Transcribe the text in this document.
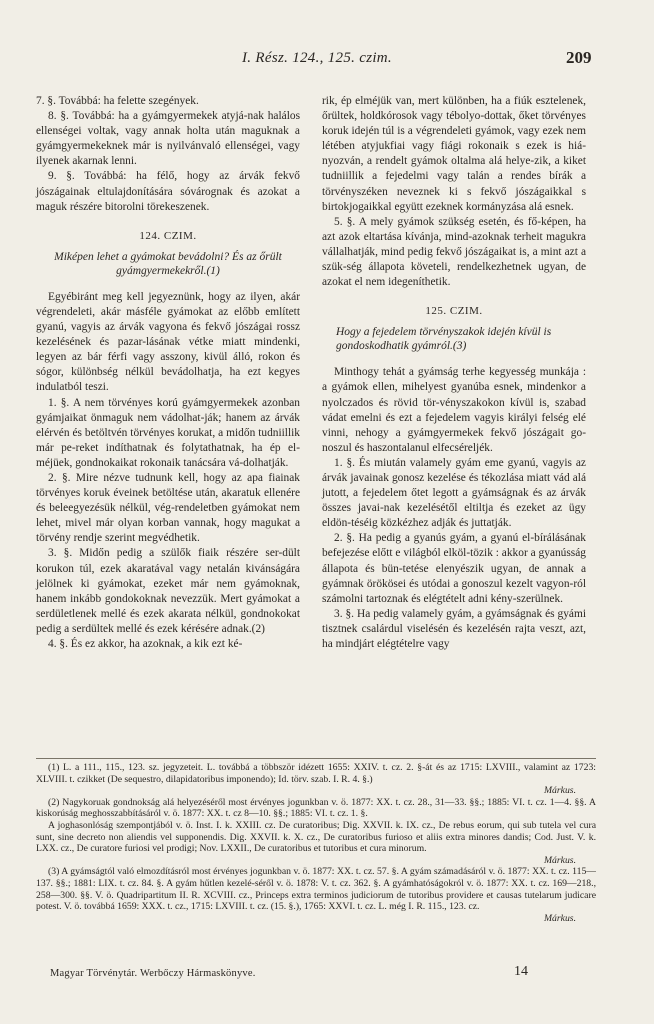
I. Rész. 124., 125. czim.	209

7. §. Továbbá: ha felette szegények.

8. §. Továbbá: ha a gyámgyermekek atyjá-nak halálos ellenségei voltak, vagy annak holta után maguknak a gyámgyermekeknek már is nyilvánvaló ellenségei, vagy ilyenek akarnak lenni.

9. §. Továbbá: ha félő, hogy az árvák fekvő jószágainak eltulajdonítására sóvárognak és azokat a maguk részére bitorolni törekeszenek.

124. CZIM.

Miképen lehet a gyámokat bevádolni? És az őrült gyámgyermekekről.(1)

Egyébiránt meg kell jegyeznünk, hogy az ilyen, akár végrendeleti, akár másféle gyámokat az előbb említett gyanú, vagyis az árvák vagyona és fekvő jószágai rossz kezelésének és pazar-lásának vétke miatt mindenki, legyen az bár férfi vagy asszony, kivül álló, rokon és sógor, különbség nélkül bevádolhatja, ha ezt kegyes indulatból teszi.

1. §. A nem törvényes korú gyámgyermekek azonban gyámjaikat önmaguk nem vádolhat-ják; hanem az árvák elérvén és betöltvén törvényes korukat, a midőn tudniillik már pe-reket indíthatnak és folytathatnak, ha ép el-méjüek, gondnokaikat rokonaik tanácsára vá-dolhatják.

2. §. Mire nézve tudnunk kell, hogy az apa fiainak törvényes koruk éveinek betöltése után, akaratuk ellenére és beleegyezésük nélkül, vég-rendeletben gyámokat nem lehet, mivel már olyan korban vannak, hogy magukat a törvény rendje szerint megvédhetik.

3. §. Midőn pedig a szülők fiaik részére ser-dült korukon túl, ezek akaratával vagy netalán kivánságára jelölnek ki gyámokat, ezeket már nem gyámoknak, hanem inkább gondokoknak nevezzük. Mert gyámokat a serdületlenek mellé és ezek akarata nélkül, gondnokokat pedig a serdültek mellé és ezek kérésére adnak.(2)

4. §. És ez akkor, ha azoknak, a kik ezt ké-

rik, ép elméjük van, mert különben, ha a fiúk esztelenek, őrültek, holdkórosok vagy tébolyo-dottak, őket törvényes koruk idején túl is a végrendeleti gyámok, vagy ezek nem létében atyjukfiai vagy fiági rokonaik s ezek is hiá-nyozván, a rendelt gyámok oltalma alá helye-zik, a kiket tudniillik a fejedelmi vagy talán a rendes bírák a törvényszéken neveznek ki s fekvő jószágaikkal s birtokjogaikkal együtt ezeknek kormányzása alá esnek.

5. §. A mely gyámok szükség esetén, és fő-képen, ha azt azok eltartása kívánja, mind-azoknak terheit magukra vállalhatják, mind pedig fekvő jószágaikat is, a mint azt a szük-ség állapota követeli, rendelkezhetnek ugyan, de azokat el nem idegeníthetik.

125. CZIM.

Hogy a fejedelem törvényszakok idején kívül is gondoskodhatik gyámról.(3)

Minthogy tehát a gyámság terhe kegyesség munkája : a gyámok ellen, mihelyest gyanúba esnek, mindenkor a nyolczados és rövid tör-vényszakokon kívül is, szabad vádat emelni és ezt a fejedelem vagyis királyi felség elé vinni, nehogy a gyámgyermekek fekvő jószágait go-noszul és haszontalanul elfecséreljék.

1. §. És miután valamely gyám eme gyanú, vagyis az árvák javainak gonosz kezelése és tékozlása miatt vád alá jutott, a fejedelem őtet legott a gyámságnak és az árvák összes javai-nak kezelésétől eltiltja és ezeket az ügy eldön-téséig közkézhez adják és juttatják.

2. §. Ha pedig a gyanús gyám, a gyanú el-bírálásának befejezése előtt e világból elköl-tözik : akkor a gyanússág állapota és bün-tetése elenyészik ugyan, de annak a gyámnak örökösei és utódai a gonoszul kezelt vagyon-ról számolni tartoznak és elégtételt adni kény-szerülnek.

3. §. Ha pedig valamely gyám, a gyámságnak és gyámi tisztnek csalárdul viselésén és kezelésén rajta veszt, azt, ha mindjárt elégtételre vagy

(1) L. a 111., 115., 123. sz. jegyzeteit. L. továbbá a többször idézett 1655: XXIV. t. cz. 2. §-át és az 1715: LXVIII., valamint az 1723: XLVIII. t. czikket (De sequestro, dilapidatoribus imponendo); Id. törv. szab. I. R. 4. §.)

Márkus.

(2) Nagykoruak gondnokság alá helyezéséről most érvényes jogunkban v. ö. 1877: XX. t. cz. 28., 31—33. §§.; 1885: VI. t. cz. 1—4. §§. A kiskorúság meghosszabbításáról v. ö. 1877: XX. t. cz 8—10. §§.; 1885: VI. t. cz. 1. §.

A joghasonlóság szempontjából v. ö. Inst. I. k. XXIII. cz. De curatoribus; Dig. XXVII. k. IX. cz., De rebus eorum, qui sub tutela vel cura sunt, sine decreto non aliendis vel supponendis. Dig. XXVII. k. X. cz., De curatoribus furioso et aliis extra minores dandis; Cod. Just. V. k. LXX. cz., De curatore furiosi vel prodigi; Nov. LXXII., De curatoribus et tutoribus et cura minorum.

Márkus.

(3) A gyámságtól való elmozdításról most érvényes jogunkban v. ö. 1877: XX. t. cz. 57. §. A gyám számadásáról v. ö. 1877: XX. t. cz. 115—137. §§.; 1881: LIX. t. cz. 84. §. A gyám hűtlen kezelé-séről v. ö. 1878: V. t. cz. 362. §. A gyámhatóságokról v. ö. 1877: XX. t. cz. 169—218., 258—300. §§. V. ö. Quadripartitum II. R. XCVIII. cz., Princeps extra terminos judiciorum de tutoribus providere et causas tutelarum judicare potest. V. ö. továbbá 1659: XXX. t. cz., 1715: LXVIII. t. cz. (15. §.), 1765: XXVI. t. cz. L. még I. R. 115., 123. cz.

Márkus.

Magyar Törvénytár. Werbőczy Hármaskönyve.	14
